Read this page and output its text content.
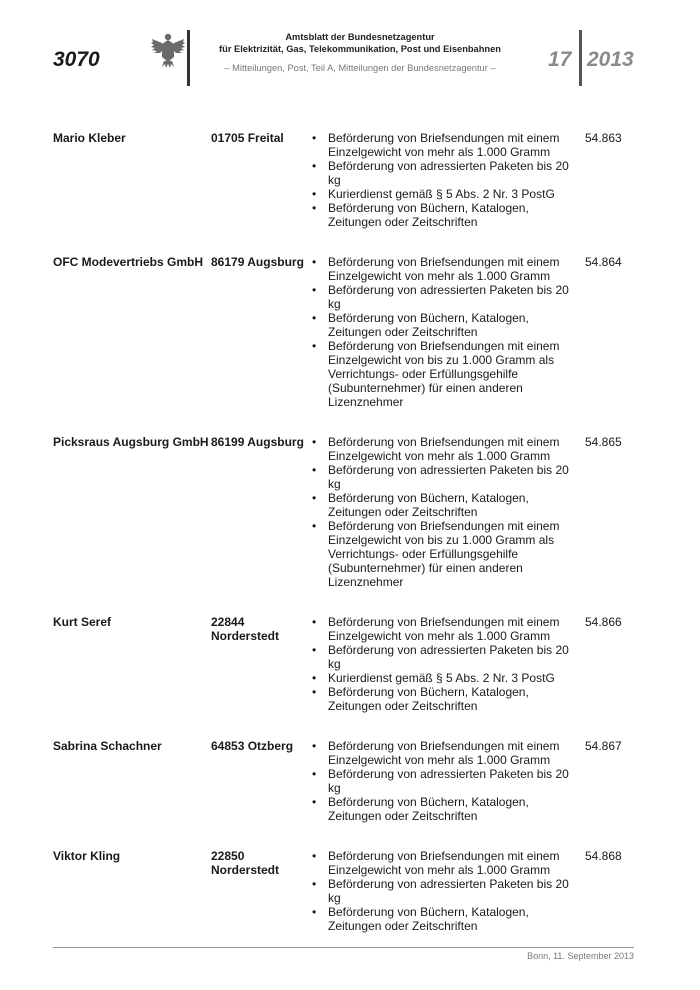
3070
Amtsblatt der Bundesnetzagentur
für Elektrizität, Gas, Telekommunikation, Post und Eisenbahnen
– Mitteilungen, Post, Teil A, Mitteilungen der Bundesnetzagentur –	17 2013
Mario Kleber	01705 Freital	• Beförderung von Briefsendungen mit einem Einzelgewicht von mehr als 1.000 Gramm
• Beförderung von adressierten Paketen bis 20 kg
• Kurierdienst gemäß § 5 Abs. 2 Nr. 3 PostG
• Beförderung von Büchern, Katalogen, Zeitungen oder Zeitschriften
54.863
OFC Modevertriebs GmbH 86179 Augsburg • Beförderung von Briefsendungen mit einem Einzelgewicht von mehr als 1.000 Gramm
• Beförderung von adressierten Paketen bis 20 kg
• Beförderung von Büchern, Katalogen, Zeitungen oder Zeitschriften
• Beförderung von Briefsendungen mit einem Einzelgewicht von bis zu 1.000 Gramm als Verrichtungs- oder Erfüllungsgehilfe (Subunternehmer) für einen anderen Lizenznehmer
54.864
Picksraus Augsburg GmbH 86199 Augsburg • Beförderung von Briefsendungen mit einem Einzelgewicht von mehr als 1.000 Gramm
• Beförderung von adressierten Paketen bis 20 kg
• Beförderung von Büchern, Katalogen, Zeitungen oder Zeitschriften
• Beförderung von Briefsendungen mit einem Einzelgewicht von bis zu 1.000 Gramm als Verrichtungs- oder Erfüllungsgehilfe (Subunternehmer) für einen anderen Lizenznehmer
54.865
Kurt Seref	22844
Norderstedt
• Beförderung von Briefsendungen mit einem Einzelgewicht von mehr als 1.000 Gramm
• Beförderung von adressierten Paketen bis 20 kg
• Kurierdienst gemäß § 5 Abs. 2 Nr. 3 PostG
• Beförderung von Büchern, Katalogen, Zeitungen oder Zeitschriften
54.866
Sabrina Schachner	64853 Otzberg	• Beförderung von Briefsendungen mit einem Einzelgewicht von mehr als 1.000 Gramm
• Beförderung von adressierten Paketen bis 20 kg
• Beförderung von Büchern, Katalogen, Zeitungen oder Zeitschriften
54.867
Viktor Kling	22850
Norderstedt
• Beförderung von Briefsendungen mit einem Einzelgewicht von mehr als 1.000 Gramm
• Beförderung von adressierten Paketen bis 20 kg
• Beförderung von Büchern, Katalogen, Zeitungen oder Zeitschriften
54.868
Bonn, 11. September 2013
